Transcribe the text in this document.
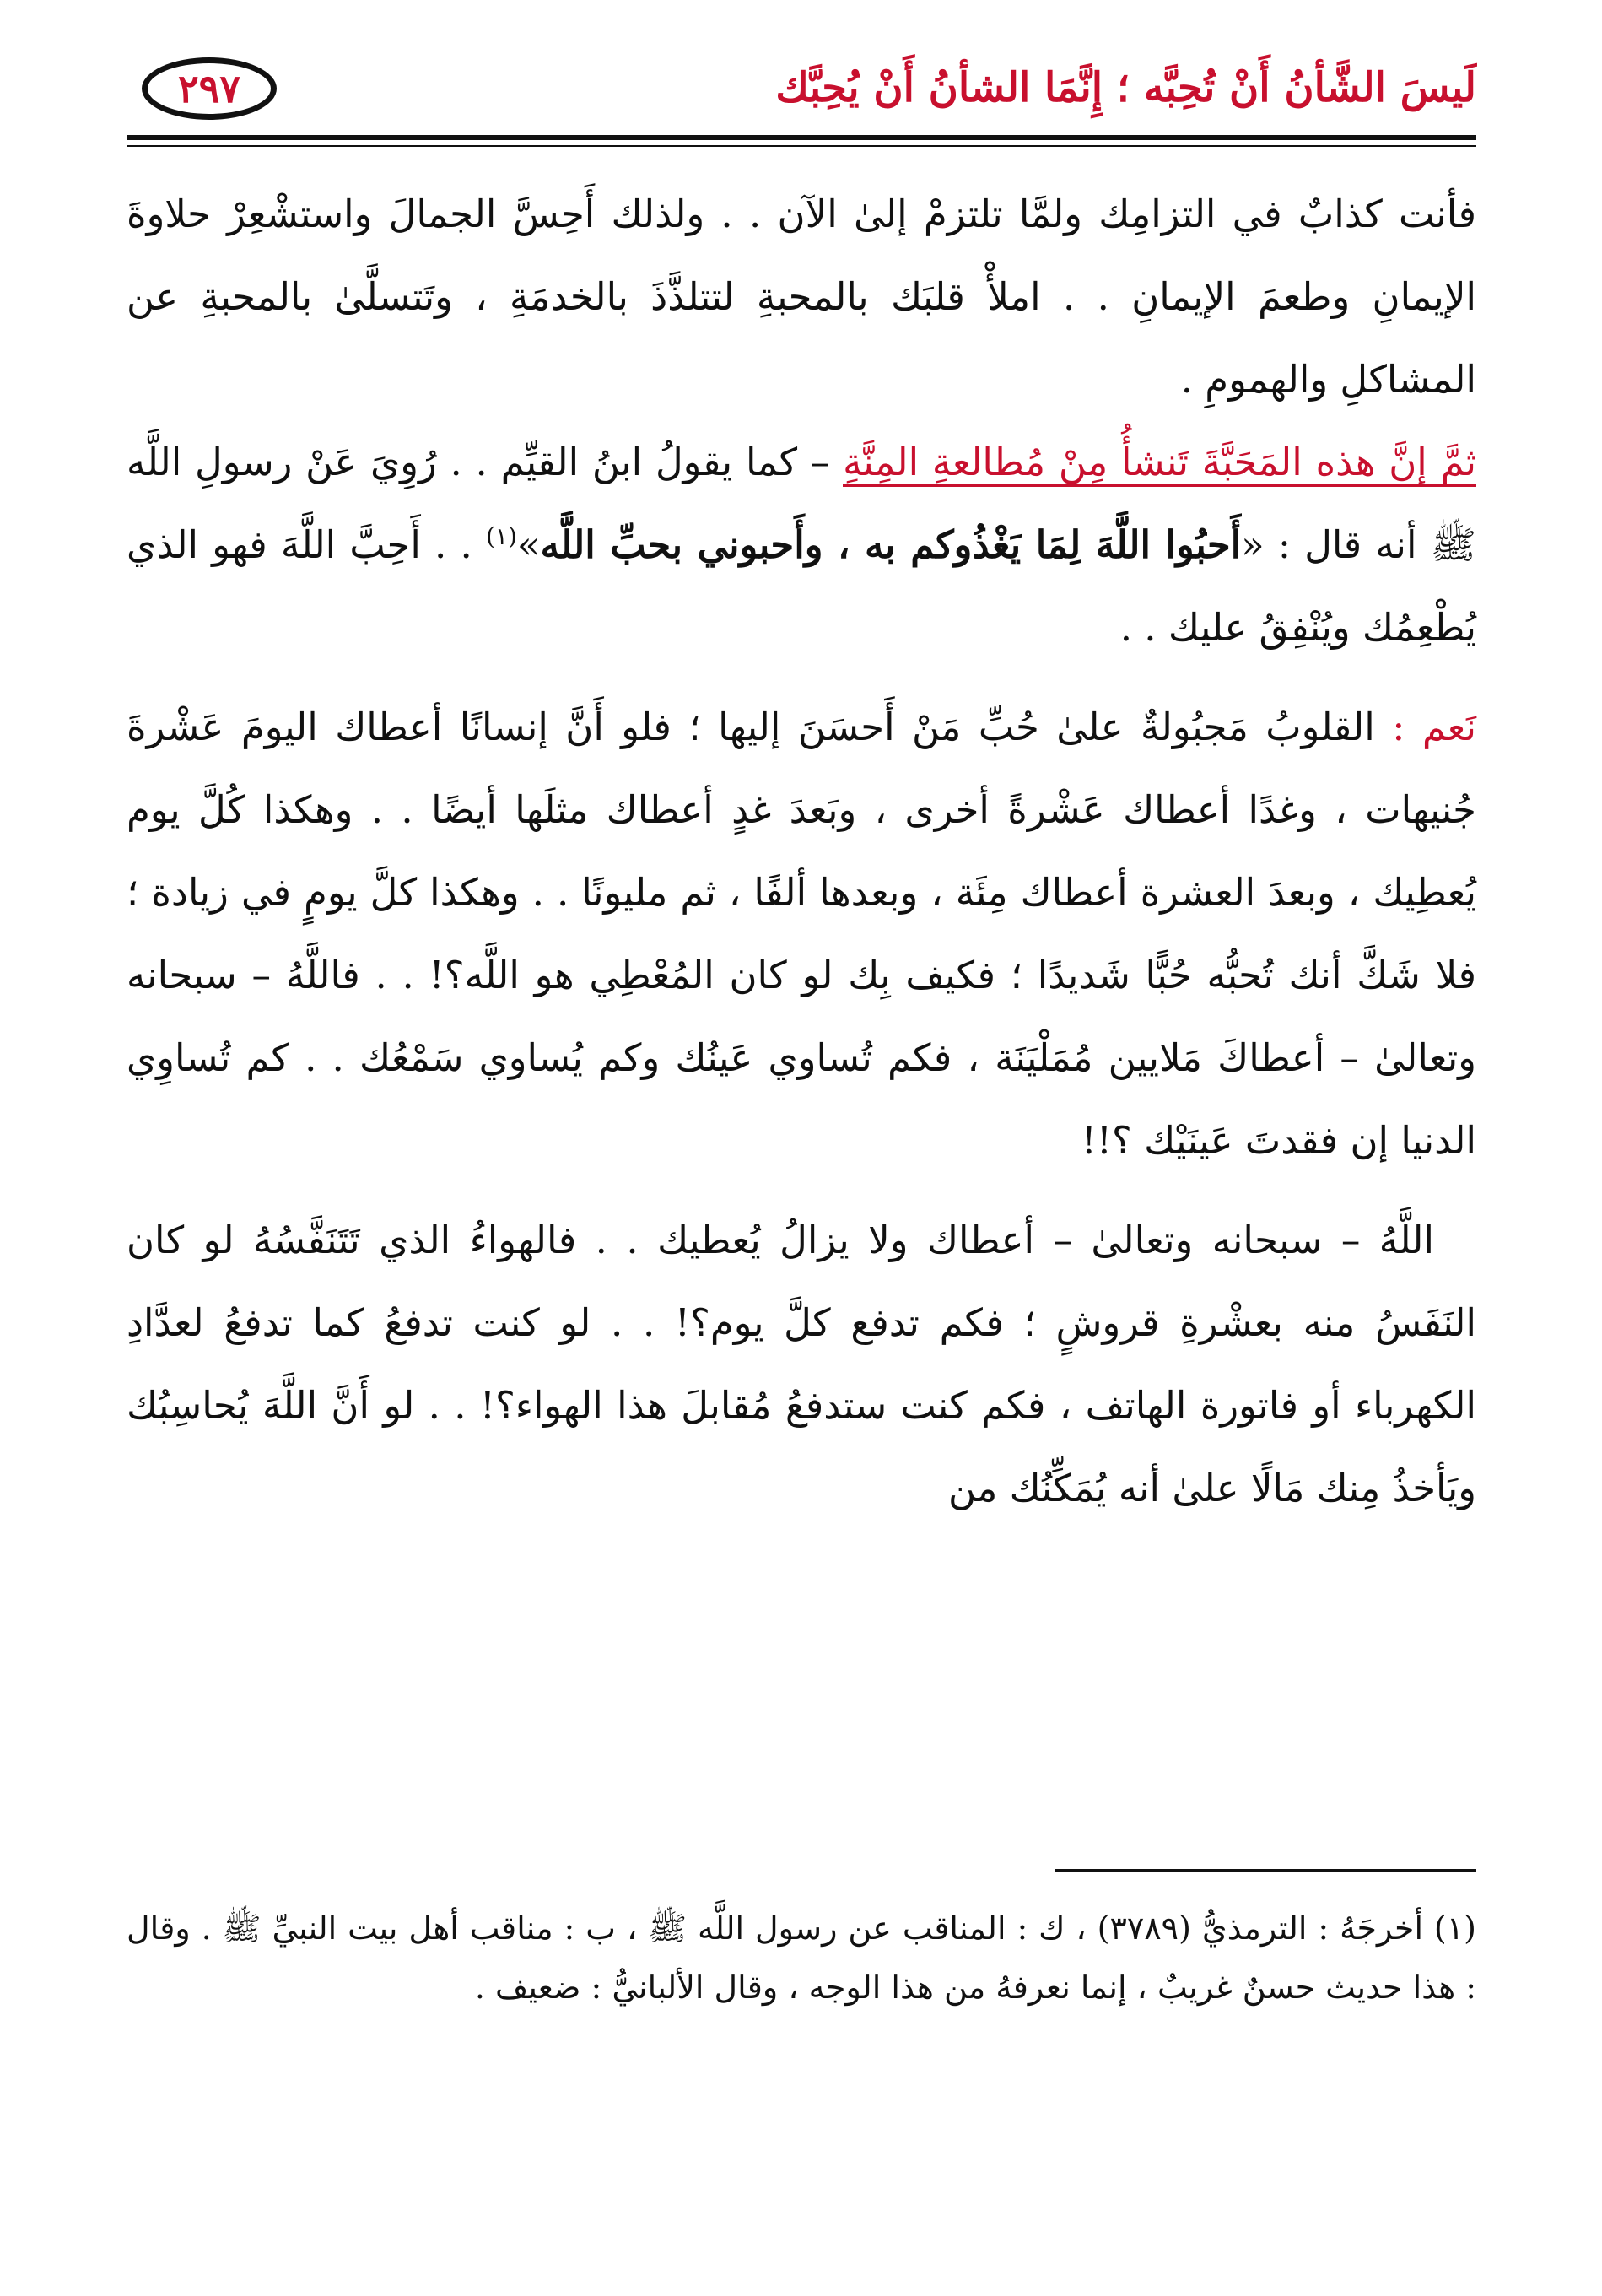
٢٩٧	لَيسَ الشَّأنُ أَنْ تُحِبَّه ؛ إِنَّمَا الشأنُ أَنْ يُحِبَّك

فأنت كذابٌ في التزامِك ولمَّا تلتزمْ إلىٰ الآن . . ولذلك أَحِسَّ الجمالَ واستشْعِرْ حلاوةَ الإيمانِ وطعمَ الإيمانِ . . املأْ قلبَك بالمحبةِ لتتلذَّذَ بالخدمَةِ ، وتَتسلَّىٰ بالمحبةِ عن المشاكلِ والهمومِ .

ثمَّ إنَّ هذه المَحَبَّةَ تَنشأُ مِنْ مُطالعةِ المِنَّةِ – كما يقولُ ابنُ القيِّم . . رُوِيَ عَنْ رسولِ اللَّه ﷺ أنه قال : «أَحبُوا اللَّهَ لِمَا يَغْذُوكم به ، وأَحبوني بحبِّ اللَّه»$^{(١)}$ . . أَحِبَّ اللَّهَ فهو الذي يُطْعِمُك ويُنْفِقُ عليك . .

نَعم : القلوبُ مَجبُولةٌ علىٰ حُبِّ مَنْ أَحسَنَ إليها ؛ فلو أَنَّ إنسانًا أعطاك اليومَ عَشْرةَ جُنيهات ، وغدًا أعطاك عَشْرةً أخرى ، وبَعدَ غدٍ أعطاك مثلَها أيضًا . . وهكذا كُلَّ يوم يُعطِيك ، وبعدَ العشرة أعطاك مِئَة ، وبعدها ألفًا ، ثم مليونًا . . وهكذا كلَّ يومٍ في زيادة ؛ فلا شَكَّ أنك تُحبُّه حُبًّا شَديدًا ؛ فكيف بِك لو كان المُعْطِي هو اللَّه؟! . . فاللَّهُ – سبحانه وتعالىٰ – أعطاكَ مَلايين مُمَلْيَنَة ، فكم تُساوي عَينُك وكم يُساوي سَمْعُك . . كم تُساوِي الدنيا إن فقدتَ عَينَيْك ؟!!

اللَّهُ – سبحانه وتعالىٰ – أعطاك ولا يزالُ يُعطيك . . فالهواءُ الذي تَتَنَفَّسُهُ لو كان النَفَسُ منه بعشْرةِ قروشٍ ؛ فكم تدفع كلَّ يوم؟! . . لو كنت تدفعُ كما تدفعُ لعدَّادِ الكهرباء أو فاتورة الهاتف ، فكم كنت ستدفعُ مُقابلَ هذا الهواء؟! . . لو أَنَّ اللَّهَ يُحاسِبُك ويَأخذُ مِنك مَالًا علىٰ أنه يُمَكِّنُك من

(١) أخرجَهُ : الترمذيُّ (٣٧٨٩) ، ك : المناقب عن رسول اللَّه ﷺ ، ب : مناقب أهل بيت النبيِّ ﷺ . وقال : هذا حديث حسنٌ غريبٌ ، إنما نعرفهُ من هذا الوجه ، وقال الألبانيُّ : ضعيف .
